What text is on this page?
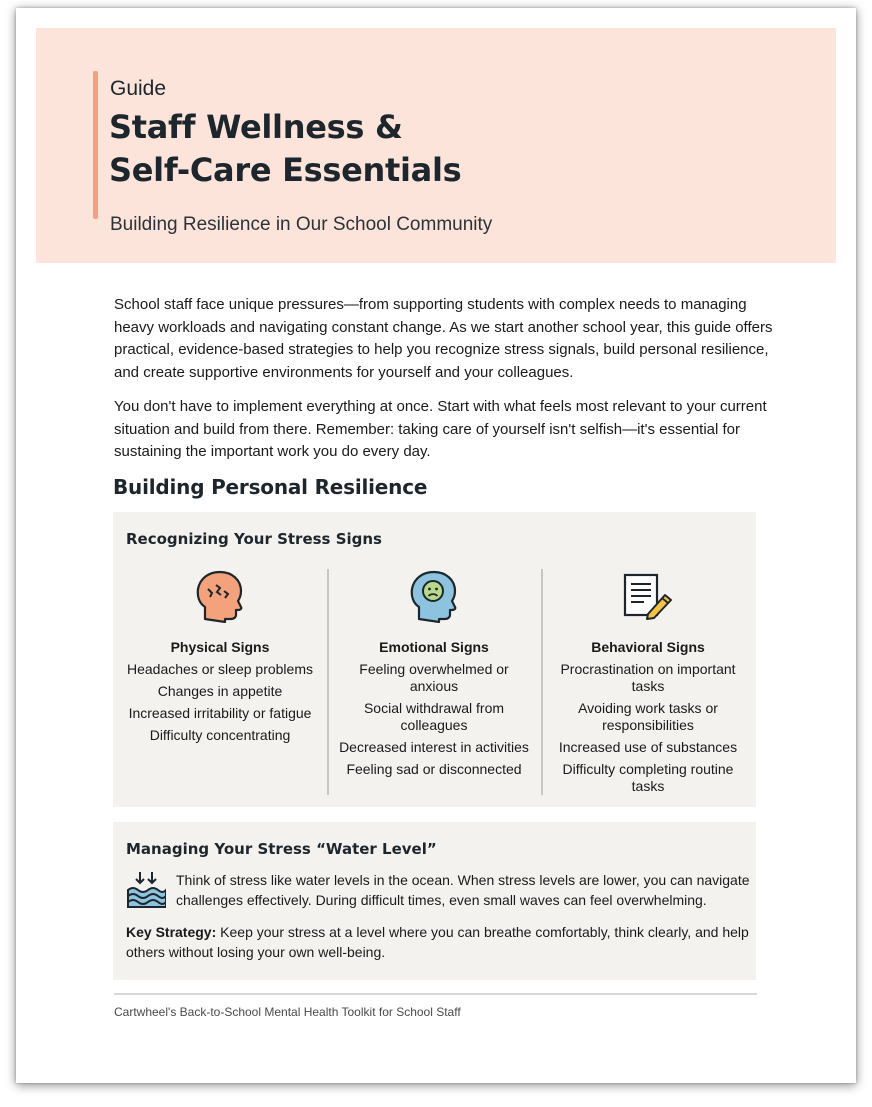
Guide
Staff Wellness &
Self-Care Essentials
Building Resilience in Our School Community

School staff face unique pressures—from supporting students with complex needs to managing heavy workloads and navigating constant change. As we start another school year, this guide offers practical, evidence-based strategies to help you recognize stress signals, build personal resilience, and create supportive environments for yourself and your colleagues.

You don't have to implement everything at once. Start with what feels most relevant to your current situation and build from there. Remember: taking care of yourself isn't selfish—it's essential for sustaining the important work you do every day.

Building Personal Resilience
Recognizing Your Stress Signs
Physical Signs
Headaches or sleep problems
Changes in appetite
Increased irritability or fatigue
Difficulty concentrating
Emotional Signs
Feeling overwhelmed or anxious
Social withdrawal from colleagues
Decreased interest in activities
Feeling sad or disconnected
Behavioral Signs
Procrastination on important tasks
Avoiding work tasks or responsibilities
Increased use of substances
Difficulty completing routine tasks
Managing Your Stress “Water Level”
Think of stress like water levels in the ocean. When stress levels are lower, you can navigate challenges effectively. During difficult times, even small waves can feel overwhelming.
Key Strategy: Keep your stress at a level where you can breathe comfortably, think clearly, and help others without losing your own well-being.
Cartwheel's Back-to-School Mental Health Toolkit for School Staff
